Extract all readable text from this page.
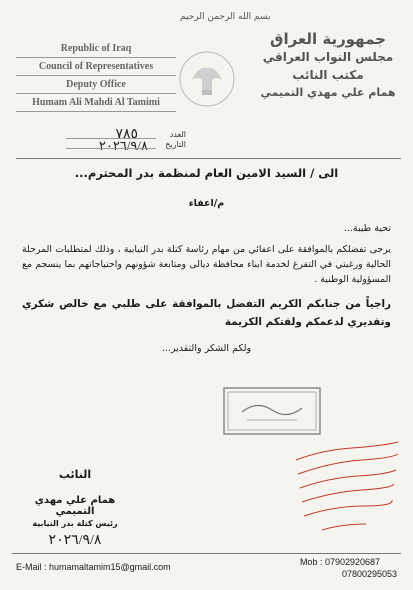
بسم الله الرحمن الرحيم
Republic of Iraq
Council of Representatives
Deputy Office
Humam Ali Mahdi Al Tamimi
جمهورية العراق
مجلس النواب العراقي
مكتب النائب
همام علي مهدي التميمي
العدد
٧٨٥
التاريخ
٢٠٢٦/٩/٨
الى / السيد الامين العام لمنظمة بدر المحترم...
م/اعفاء
تحية طيبة...
يرجى تفضلكم بالموافقة على اعفائي من مهام رئاسة كتلة بدر النيابية ، وذلك لمتطلبات المرحلة الحالية ورغبتي في التفرغ لخدمة ابناء محافظة ديالى ومتابعة شؤونهم واحتياجاتهم بما ينسجم مع المسؤولية الوطنية .
راجياً من جنابكم الكريم التفضل بالموافقة على طلبي مع خالص شكري وتقديري لدعمكم ولقتكم الكريمة
ولكم الشكر والتقدير...
النائب
همام علي مهدي التميمي
رئيس كتلة بدر النيابية
٢٠٢٦/٩/٨
E-Mail : humamaltamim15@gmail.com	Mob : 07902920687
07800295053
